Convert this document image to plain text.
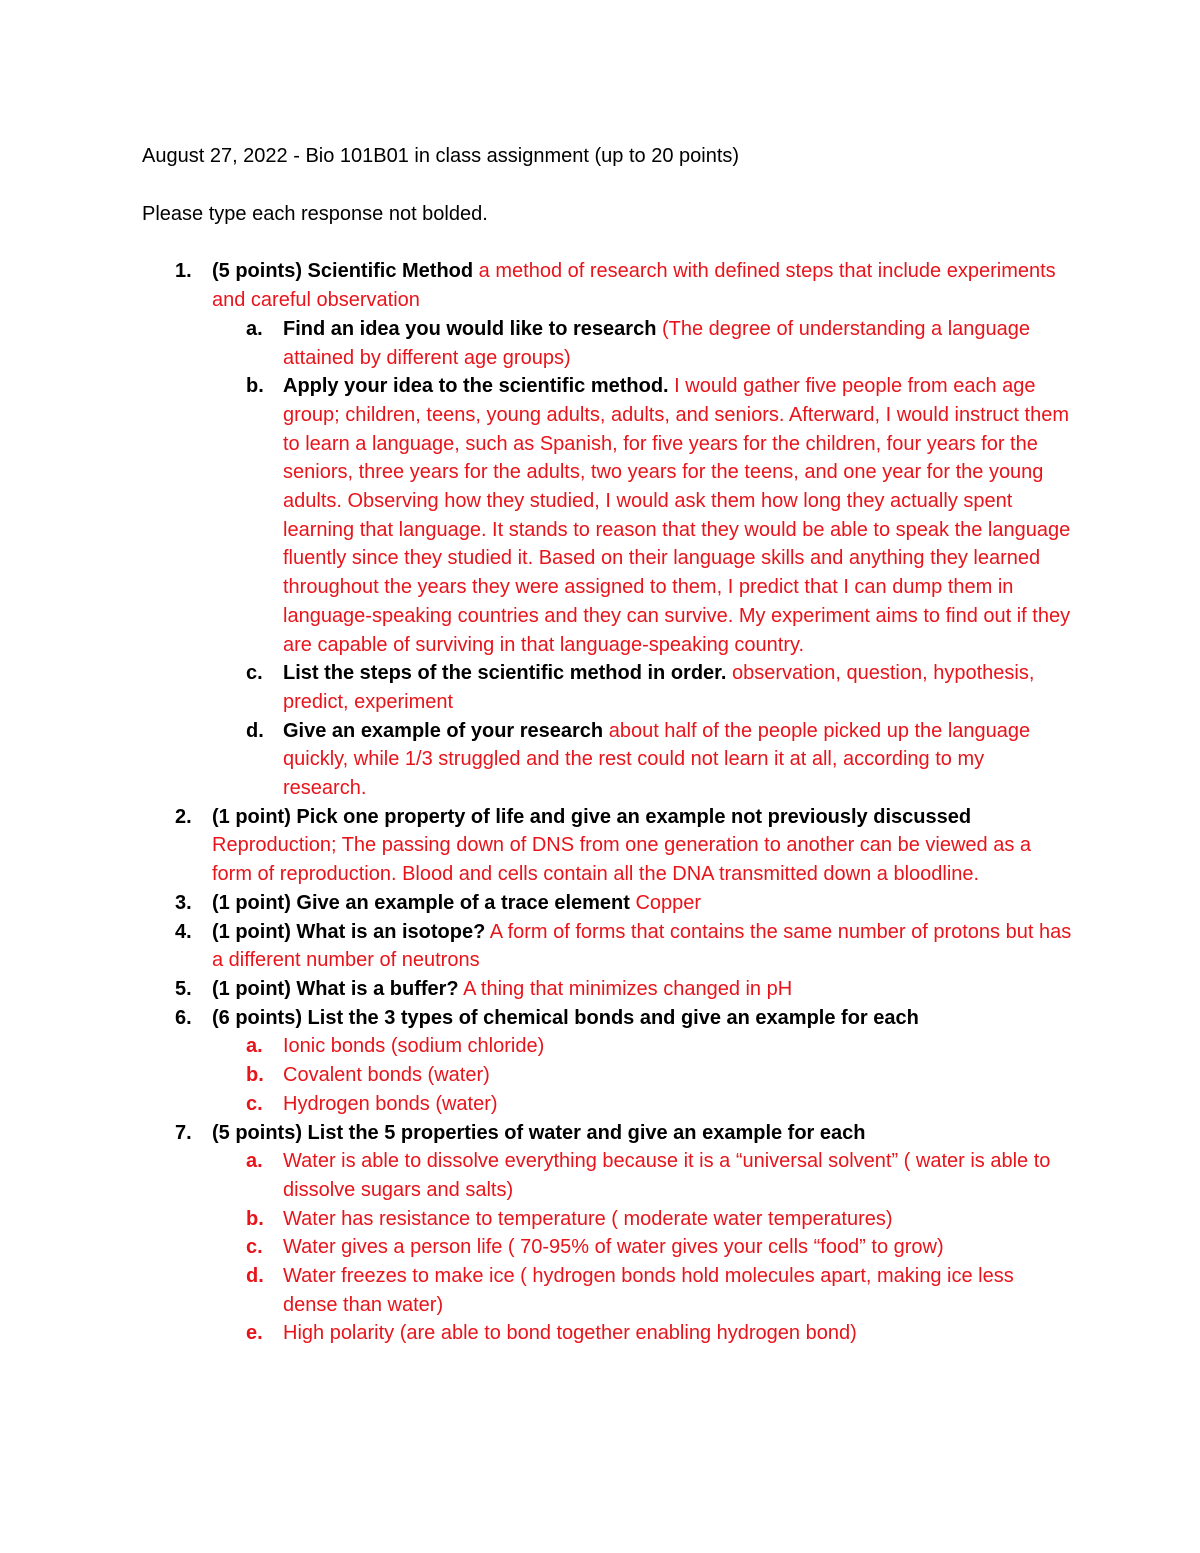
August 27, 2022 - Bio 101B01 in class assignment (up to 20 points)

Please type each response not bolded.

1. (5 points) Scientific Method a method of research with defined steps that include experiments and careful observation
a. Find an idea you would like to research (The degree of understanding a language attained by different age groups)
b. Apply your idea to the scientific method. I would gather five people from each age group; children, teens, young adults, adults, and seniors. Afterward, I would instruct them to learn a language, such as Spanish, for five years for the children, four years for the seniors, three years for the adults, two years for the teens, and one year for the young adults. Observing how they studied, I would ask them how long they actually spent learning that language. It stands to reason that they would be able to speak the language fluently since they studied it. Based on their language skills and anything they learned throughout the years they were assigned to them, I predict that I can dump them in language-speaking countries and they can survive. My experiment aims to find out if they are capable of surviving in that language-speaking country.
c. List the steps of the scientific method in order. observation, question, hypothesis, predict, experiment
d. Give an example of your research about half of the people picked up the language quickly, while 1/3 struggled and the rest could not learn it at all, according to my research.
2. (1 point) Pick one property of life and give an example not previously discussed Reproduction; The passing down of DNS from one generation to another can be viewed as a form of reproduction. Blood and cells contain all the DNA transmitted down a bloodline.
3. (1 point) Give an example of a trace element Copper
4. (1 point) What is an isotope? A form of forms that contains the same number of protons but has a different number of neutrons
5. (1 point) What is a buffer? A thing that minimizes changed in pH
6. (6 points) List the 3 types of chemical bonds and give an example for each
a. Ionic bonds (sodium chloride)
b. Covalent bonds (water)
c. Hydrogen bonds (water)
7. (5 points) List the 5 properties of water and give an example for each
a. Water is able to dissolve everything because it is a “universal solvent” ( water is able to dissolve sugars and salts)
b. Water has resistance to temperature ( moderate water temperatures)
c. Water gives a person life ( 70-95% of water gives your cells “food” to grow)
d. Water freezes to make ice ( hydrogen bonds hold molecules apart, making ice less dense than water)
e. High polarity (are able to bond together enabling hydrogen bond)
